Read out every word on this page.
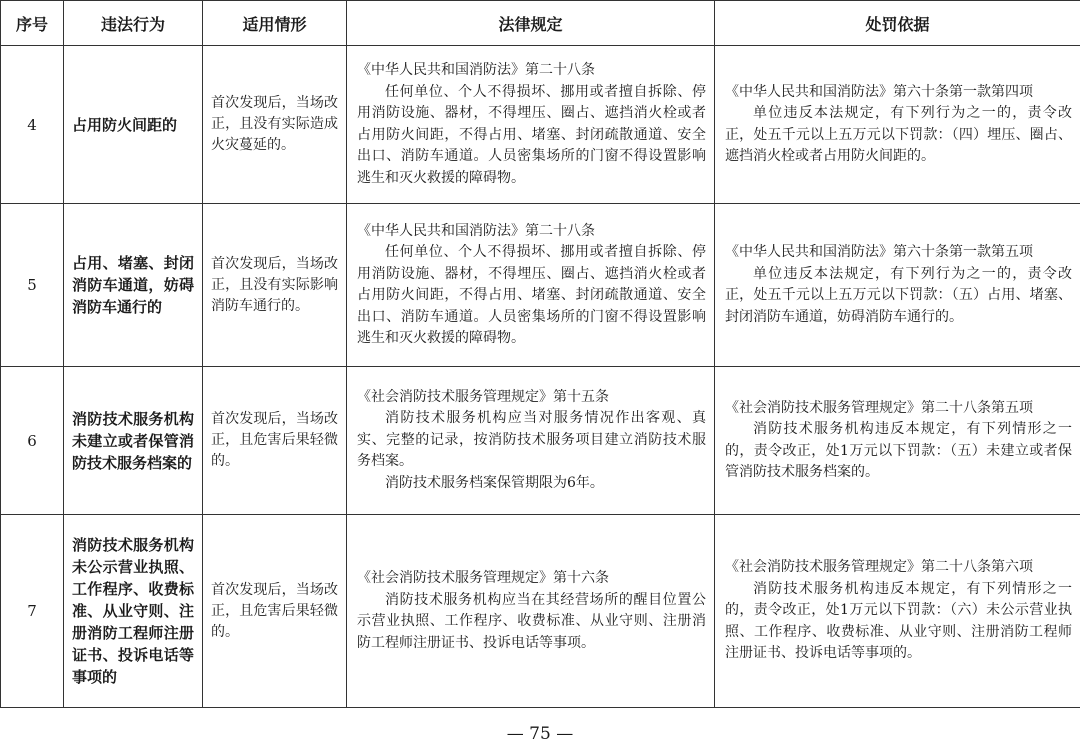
序号	违法行为	适用情形	法律规定	处罚依据
4	占用防火间距的	首次发现后，当场改正，且没有实际造成火灾蔓延的。	《中华人民共和国消防法》第二十八条
任何单位、个人不得损坏、挪用或者擅自拆除、停用消防设施、器材，不得埋压、圈占、遮挡消火栓或者占用防火间距，不得占用、堵塞、封闭疏散通道、安全出口、消防车通道。人员密集场所的门窗不得设置影响逃生和灭火救援的障碍物。	《中华人民共和国消防法》第六十条第一款第四项
单位违反本法规定，有下列行为之一的，责令改正，处五千元以上五万元以下罚款：（四）埋压、圈占、遮挡消火栓或者占用防火间距的。

5	占用、堵塞、封闭消防车通道，妨碍消防车通行的	首次发现后，当场改正，且没有实际影响消防车通行的。	《中华人民共和国消防法》第二十八条
任何单位、个人不得损坏、挪用或者擅自拆除、停用消防设施、器材，不得埋压、圈占、遮挡消火栓或者占用防火间距，不得占用、堵塞、封闭疏散通道、安全出口、消防车通道。人员密集场所的门窗不得设置影响逃生和灭火救援的障碍物。	《中华人民共和国消防法》第六十条第一款第五项
单位违反本法规定，有下列行为之一的，责令改正，处五千元以上五万元以下罚款：（五）占用、堵塞、封闭消防车通道，妨碍消防车通行的。

6	消防技术服务机构未建立或者保管消防技术服务档案的	首次发现后，当场改正，且危害后果轻微的。	《社会消防技术服务管理规定》第十五条
消防技术服务机构应当对服务情况作出客观、真实、完整的记录，按消防技术服务项目建立消防技术服务档案。
消防技术服务档案保管期限为6年。	《社会消防技术服务管理规定》第二十八条第五项
消防技术服务机构违反本规定，有下列情形之一的，责令改正，处1万元以下罚款：（五）未建立或者保管消防技术服务档案的。

7	消防技术服务机构未公示营业执照、工作程序、收费标准、从业守则、注册消防工程师注册证书、投诉电话等事项的	首次发现后，当场改正，且危害后果轻微的。	《社会消防技术服务管理规定》第十六条
消防技术服务机构应当在其经营场所的醒目位置公示营业执照、工作程序、收费标准、从业守则、注册消防工程师注册证书、投诉电话等事项。	《社会消防技术服务管理规定》第二十八条第六项
消防技术服务机构违反本规定，有下列情形之一的，责令改正，处1万元以下罚款：（六）未公示营业执照、工作程序、收费标准、从业守则、注册消防工程师注册证书、投诉电话等事项的。
— 75 —
